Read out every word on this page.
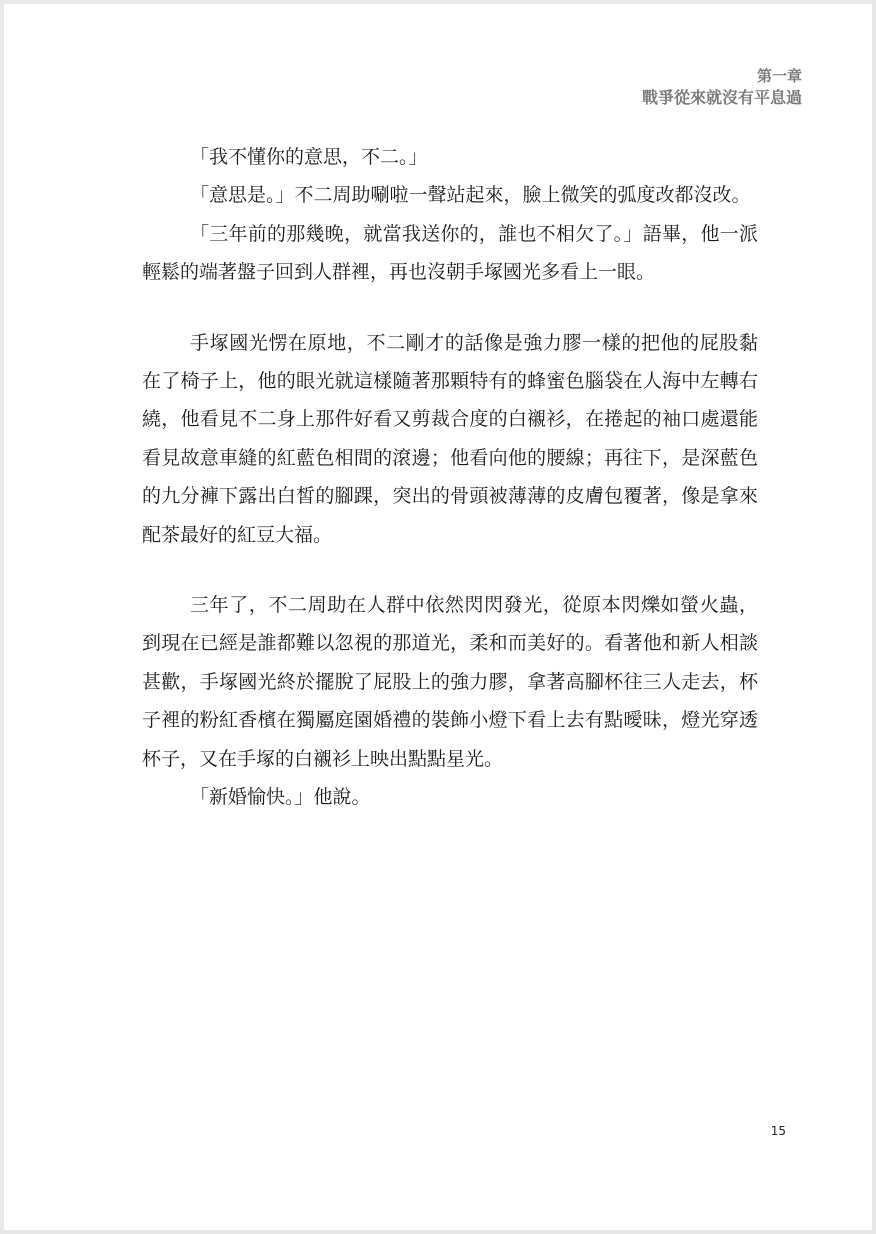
第一章
戰爭從來就沒有平息過

「我不懂你的意思，不二。」

「意思是。」不二周助唰啦一聲站起來，臉上微笑的弧度改都沒改。

「三年前的那幾晚，就當我送你的，誰也不相欠了。」語畢，他一派輕鬆的端著盤子回到人群裡，再也沒朝手塚國光多看上一眼。

手塚國光愣在原地，不二剛才的話像是強力膠一樣的把他的屁股黏在了椅子上，他的眼光就這樣隨著那顆特有的蜂蜜色腦袋在人海中左轉右繞，他看見不二身上那件好看又剪裁合度的白襯衫，在捲起的袖口處還能看見故意車縫的紅藍色相間的滾邊；他看向他的腰線；再往下，是深藍色的九分褲下露出白皙的腳踝，突出的骨頭被薄薄的皮膚包覆著，像是拿來配茶最好的紅豆大福。

三年了，不二周助在人群中依然閃閃發光，從原本閃爍如螢火蟲，到現在已經是誰都難以忽視的那道光，柔和而美好的。看著他和新人相談甚歡，手塚國光終於擺脫了屁股上的強力膠，拿著高腳杯往三人走去，杯子裡的粉紅香檳在獨屬庭園婚禮的裝飾小燈下看上去有點曖昧，燈光穿透杯子，又在手塚的白襯衫上映出點點星光。

「新婚愉快。」他說。

15
